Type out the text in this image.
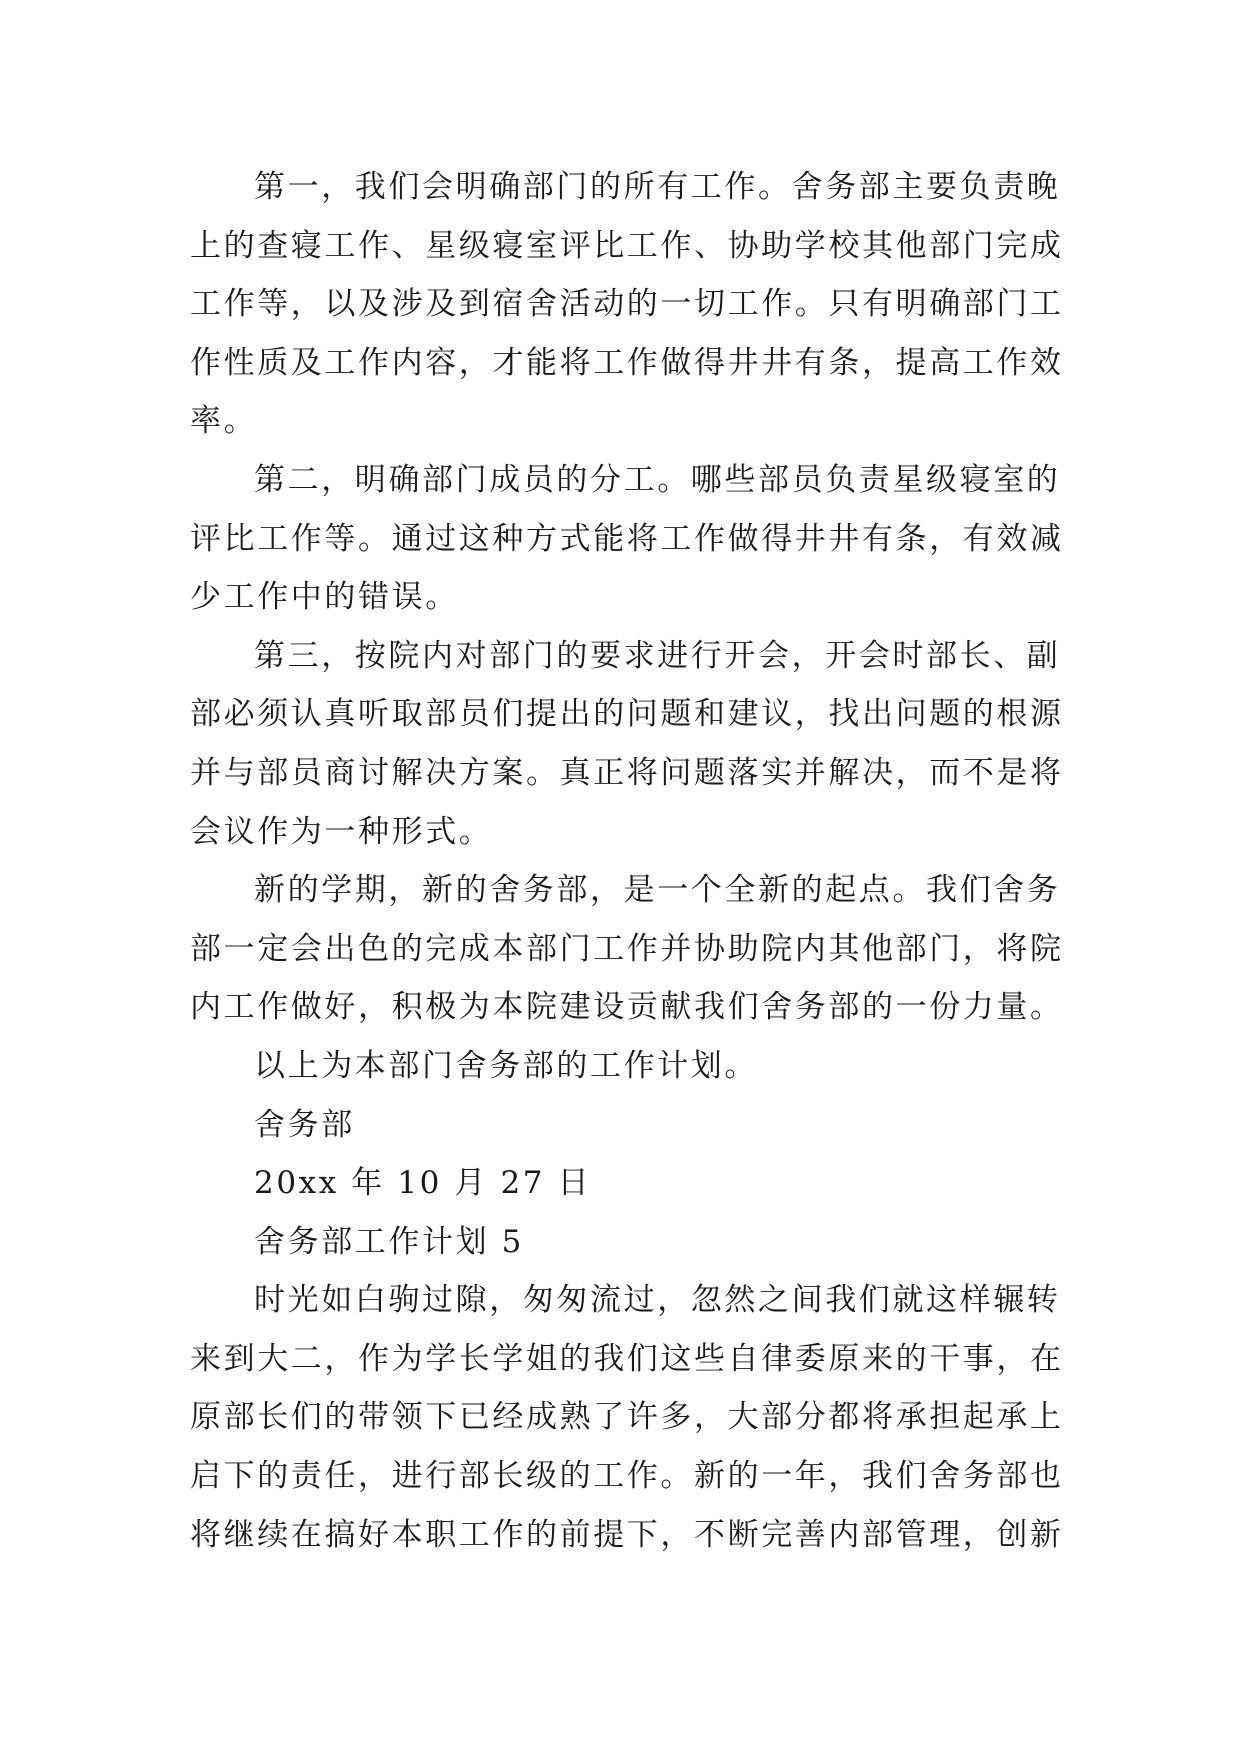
第一，我们会明确部门的所有工作。舍务部主要负责晚
上的查寝工作、星级寝室评比工作、协助学校其他部门完成
工作等，以及涉及到宿舍活动的一切工作。只有明确部门工
作性质及工作内容，才能将工作做得井井有条，提高工作效
率。
第二，明确部门成员的分工。哪些部员负责星级寝室的
评比工作等。通过这种方式能将工作做得井井有条，有效减
少工作中的错误。
第三，按院内对部门的要求进行开会，开会时部长、副
部必须认真听取部员们提出的问题和建议，找出问题的根源
并与部员商讨解决方案。真正将问题落实并解决，而不是将
会议作为一种形式。
新的学期，新的舍务部，是一个全新的起点。我们舍务
部一定会出色的完成本部门工作并协助院内其他部门，将院
内工作做好，积极为本院建设贡献我们舍务部的一份力量。
以上为本部门舍务部的工作计划。
舍务部
20xx 年 10 月 27 日
舍务部工作计划 5
时光如白驹过隙，匆匆流过，忽然之间我们就这样辗转
来到大二，作为学长学姐的我们这些自律委原来的干事，在
原部长们的带领下已经成熟了许多，大部分都将承担起承上
启下的责任，进行部长级的工作。新的一年，我们舍务部也
将继续在搞好本职工作的前提下，不断完善内部管理，创新
